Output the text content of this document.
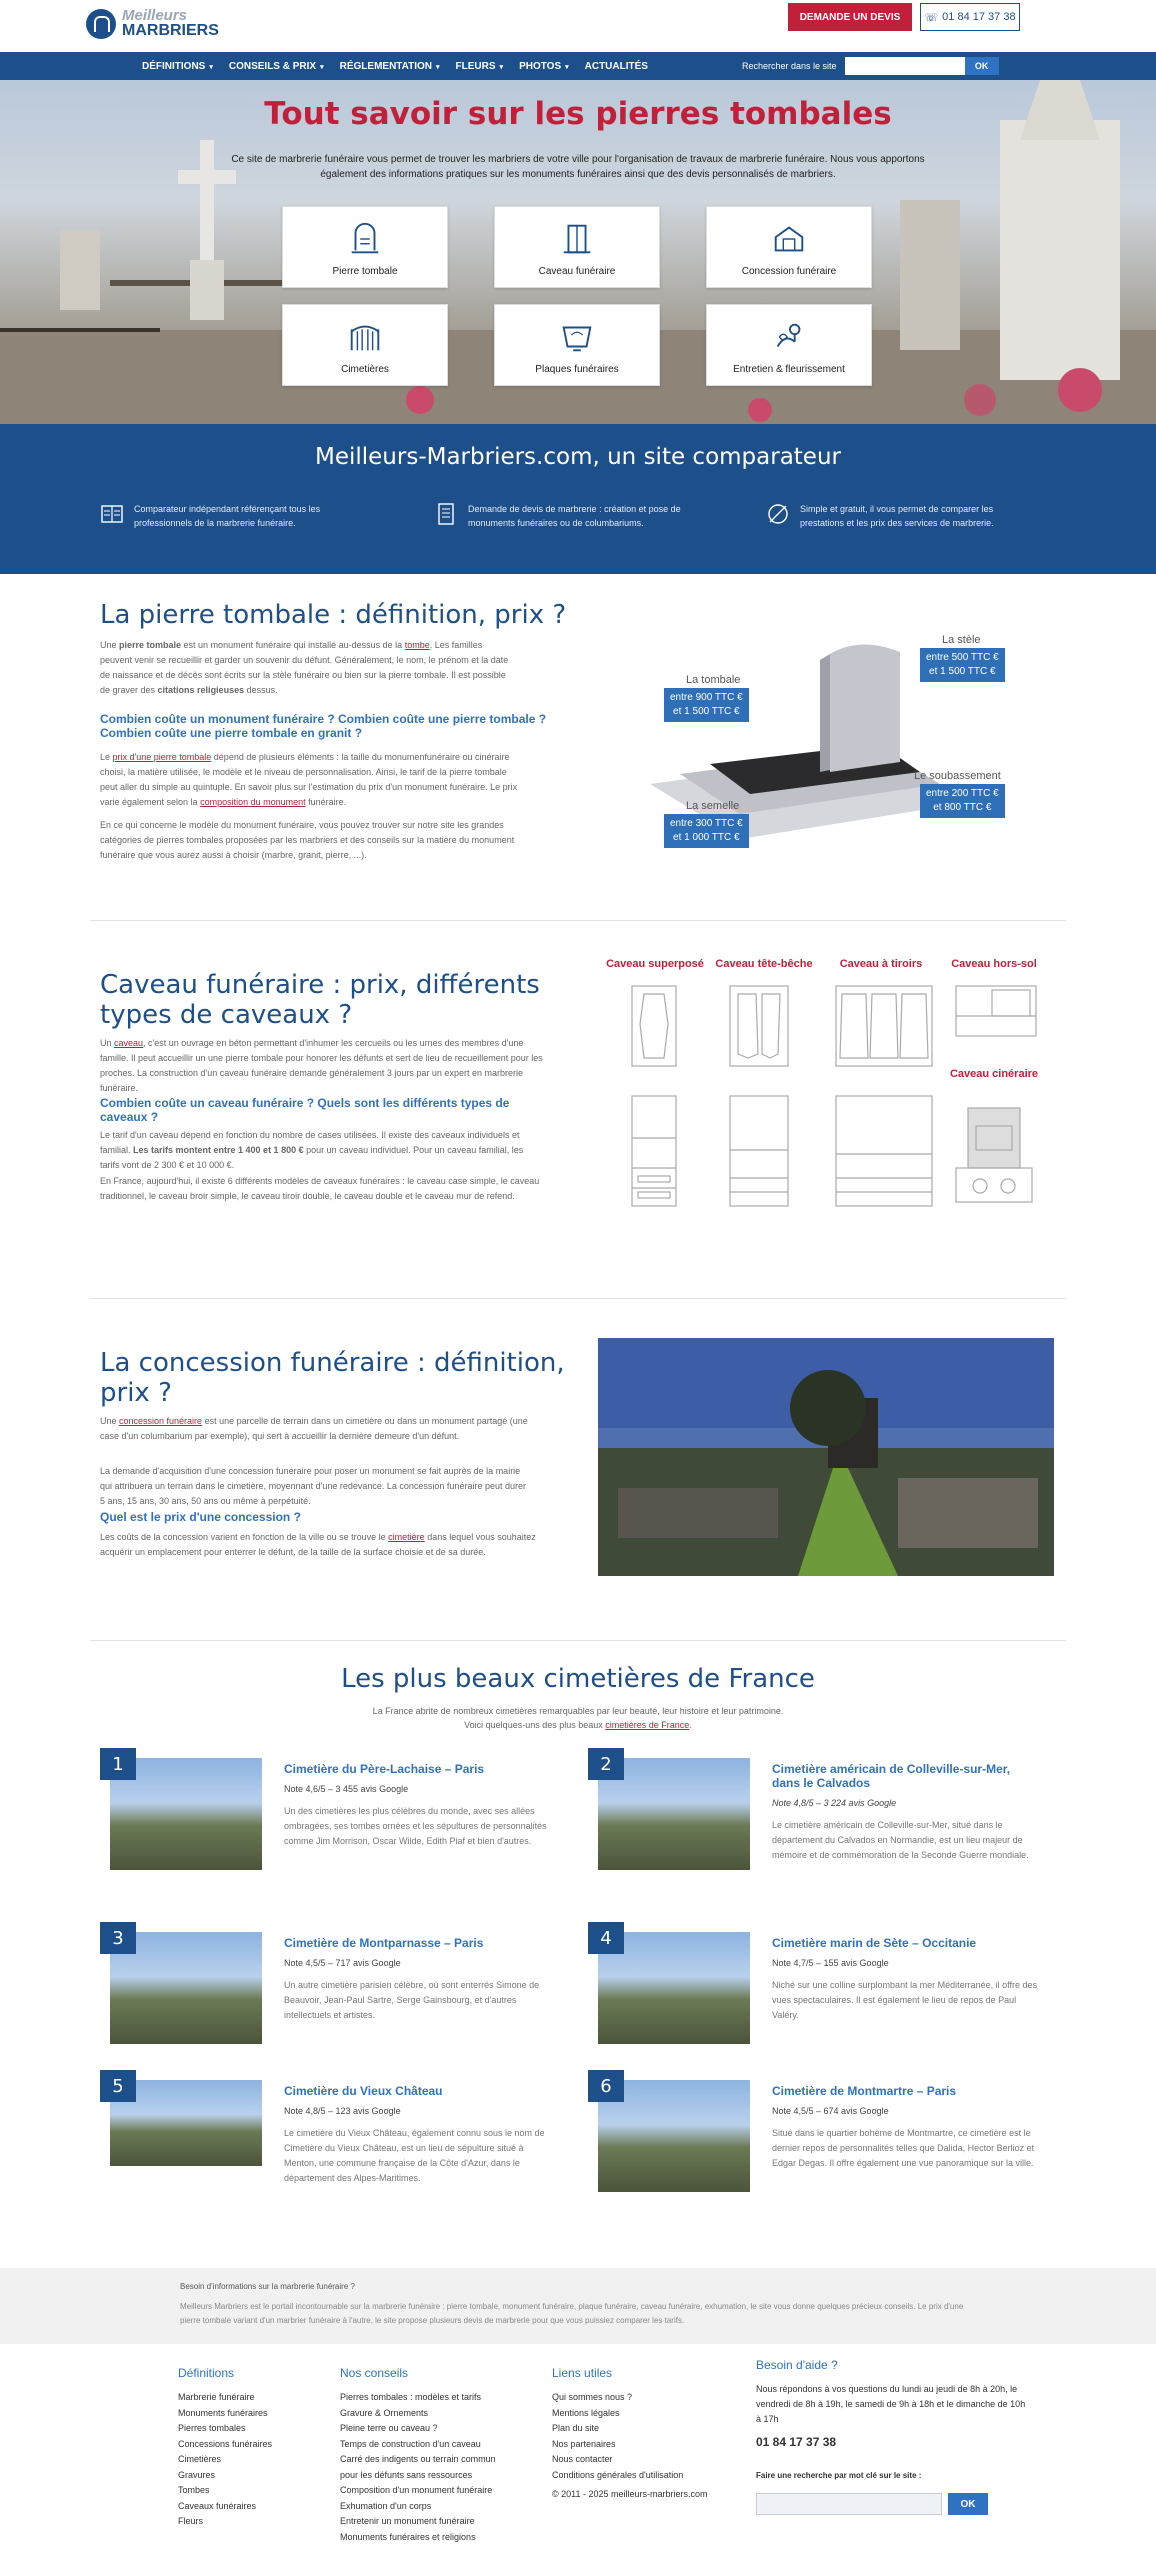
Meilleurs
MARBRIERS
DEMANDE UN DEVIS	☏ 01 84 17 37 38
DÉFINITIONS ▾ CONSEILS & PRIX ▾ RÉGLEMENTATION ▾ FLEURS ▾ PHOTOS ▾ ACTUALITÉS	Rechercher dans le site	OK
Tout savoir sur les pierres tombales
Ce site de marbrerie funéraire vous permet de trouver les marbriers de votre ville pour l'organisation de travaux de marbrerie funéraire. Nous vous apportons également des informations pratiques sur les monuments funéraires ainsi que des devis personnalisés de marbriers.
Pierre tombale	Caveau funéraire	Concession funéraire
Cimetières	Plaques funéraires	Entretien & fleurissement
Meilleurs-Marbriers.com, un site comparateur
Comparateur indépendant référençant tous les professionnels de la marbrerie funéraire.
Demande de devis de marbrerie : création et pose de monuments funéraires ou de columbariums.
Simple et gratuit, il vous permet de comparer les prestations et les prix des services de marbrerie.
La pierre tombale : définition, prix ?

Une pierre tombale est un monument funéraire qui installé au-dessus de la tombe. Les familles peuvent venir se recueillir et garder un souvenir du défunt. Généralement, le nom, le prénom et la date de naissance et de décès sont écrits sur la stèle funéraire ou bien sur la pierre tombale. Il est possible de graver des citations religieuses dessus.

Combien coûte un monument funéraire ? Combien coûte une pierre tombale ? Combien coûte une pierre tombale en granit ?

Le prix d'une pierre tombale dépend de plusieurs éléments : la taille du monumenfunéraire ou cinéraire choisi, la matière utilisée, le modèle et le niveau de personnalisation. Ainsi, le tarif de la pierre tombale peut aller du simple au quintuple. En savoir plus sur l'estimation du prix d'un monument funéraire. Le prix varie également selon la composition du monument funéraire.

En ce qui concerne le modèle du monument funéraire, vous pouvez trouver sur notre site les grandes catégories de pierres tombales proposées par les marbriers et des conseils sur la matière du monument funéraire que vous aurez aussi à choisir (marbre, granit, pierre, ...).

La tombale
entre 900 TTC €
et 1 500 TTC €
La stèle
entre 500 TTC €
et 1 500 TTC €
Le soubassement
entre 200 TTC €
et 800 TTC €
La semelle
entre 300 TTC €
et 1 000 TTC €
Caveau funéraire : prix, différents types de caveaux ?

Un caveau, c'est un ouvrage en béton permettant d'inhumer les cercueils ou les urnes des membres d'une famille. Il peut accueillir un une pierre tombale pour honorer les défunts et sert de lieu de recueillement pour les proches. La construction d'un caveau funéraire demande généralement 3 jours par un expert en marbrerie funéraire.

Combien coûte un caveau funéraire ? Quels sont les différents types de caveaux ?

Le tarif d'un caveau dépend en fonction du nombre de cases utilisées. Il existe des caveaux individuels et familial. Les tarifs montent entre 1 400 et 1 800 € pour un caveau individuel. Pour un caveau familial, les tarifs vont de 2 300 € et 10 000 €.

En France, aujourd'hui, il existe 6 différents modèles de caveaux funéraires : le caveau case simple, le caveau traditionnel, le caveau broir simple, le caveau tiroir double, le caveau double et le caveau mur de refend.

Caveau superposé	Caveau tête-bêche	Caveau à tiroirs	Caveau hors-sol
Caveau cinéraire
La concession funéraire : définition, prix ?

Une concession funéraire est une parcelle de terrain dans un cimetière ou dans un monument partagé (une case d'un columbarium par exemple), qui sert à accueillir la dernière demeure d'un défunt.

La demande d'acquisition d'une concession funéraire pour poser un monument se fait auprès de la mairie qui attribuera un terrain dans le cimetière, moyennant d'une redevance. La concession funéraire peut durer 5 ans, 15 ans, 30 ans, 50 ans ou même à perpétuité.

Quel est le prix d'une concession ?

Les coûts de la concession varient en fonction de la ville ou se trouve le cimetière dans lequel vous souhaitez acquérir un emplacement pour enterrer le défunt, de la taille de la surface choisie et de sa durée.

Les plus beaux cimetières de France

La France abrite de nombreux cimetières remarquables par leur beauté, leur histoire et leur patrimoine.

Voici quelques-uns des plus beaux cimetières de France.

1	Cimetière du Père-Lachaise – Paris
Note 4,6/5 – 3 455 avis Google
Un des cimetières les plus célèbres du monde, avec ses allées ombragées, ses tombes ornées et les sépultures de personnalités comme Jim Morrison, Oscar Wilde, Edith Piaf et bien d'autres.
2	Cimetière américain de Colleville-sur-Mer, dans le Calvados
Note 4,8/5 – 3 224 avis Google
Le cimetière américain de Colleville-sur-Mer, situé dans le département du Calvados en Normandie, est un lieu majeur de mémoire et de commémoration de la Seconde Guerre mondiale.
3	Cimetière de Montparnasse – Paris
Note 4,5/5 – 717 avis Google
Un autre cimetière parisien célèbre, où sont enterrés Simone de Beauvoir, Jean-Paul Sartre, Serge Gainsbourg, et d'autres intellectuels et artistes.
4	Cimetière marin de Sète – Occitanie
Note 4,7/5 – 155 avis Google
Niché sur une colline surplombant la mer Méditerranée, il offre des vues spectaculaires. Il est également le lieu de repos de Paul Valéry.
5	Cimetière du Vieux Château
Note 4,8/5 – 123 avis Google
Le cimetière du Vieux Château, également connu sous le nom de Cimetière du Vieux Château, est un lieu de sépulture situé à Menton, une commune française de la Côte d'Azur, dans le département des Alpes-Maritimes.
6	Cimetière de Montmartre – Paris
Note 4,5/5 – 674 avis Google
Situé dans le quartier bohème de Montmartre, ce cimetière est le dernier repos de personnalités telles que Dalida, Hector Berlioz et Edgar Degas. Il offre également une vue panoramique sur la ville.
Besoin d'informations sur la marbrerie funéraire ?
Meilleurs Marbriers est le portail incontournable sur la marbrerie funéraire : pierre tombale, monument funéraire, plaque funéraire, caveau funéraire, exhumation, le site vous donne quelques précieux conseils. Le prix d'une pierre tombale variant d'un marbrier funéraire à l'autre, le site propose plusieurs devis de marbrerie pour que vous puissiez comparer les tarifs.
Définitions
Marbrerie funéraire
Monuments funéraires
Pierres tombales
Concessions funéraires
Cimetières
Gravures
Tombes
Caveaux funéraires
Fleurs
Nos conseils
Pierres tombales : modèles et tarifs
Gravure & Ornements
Pleine terre ou caveau ?
Temps de construction d'un caveau
Carré des indigents ou terrain commun
pour les défunts sans ressources
Composition d'un monument funéraire
Exhumation d'un corps
Entretenir un monument funéraire
Monuments funéraires et religions
Liens utiles
Qui sommes nous ?
Mentions légales
Plan du site
Nos partenaires
Nous contacter
Conditions générales d'utilisation
© 2011 - 2025 meilleurs-marbriers.com
Besoin d'aide ?

Nous répondons à vos questions du lundi au jeudi de 8h à 20h, le vendredi de 8h à 19h, le samedi de 9h à 18h et le dimanche de 10h à 17h

01 84 17 37 38

Faire une recherche par mot clé sur le site :

OK
